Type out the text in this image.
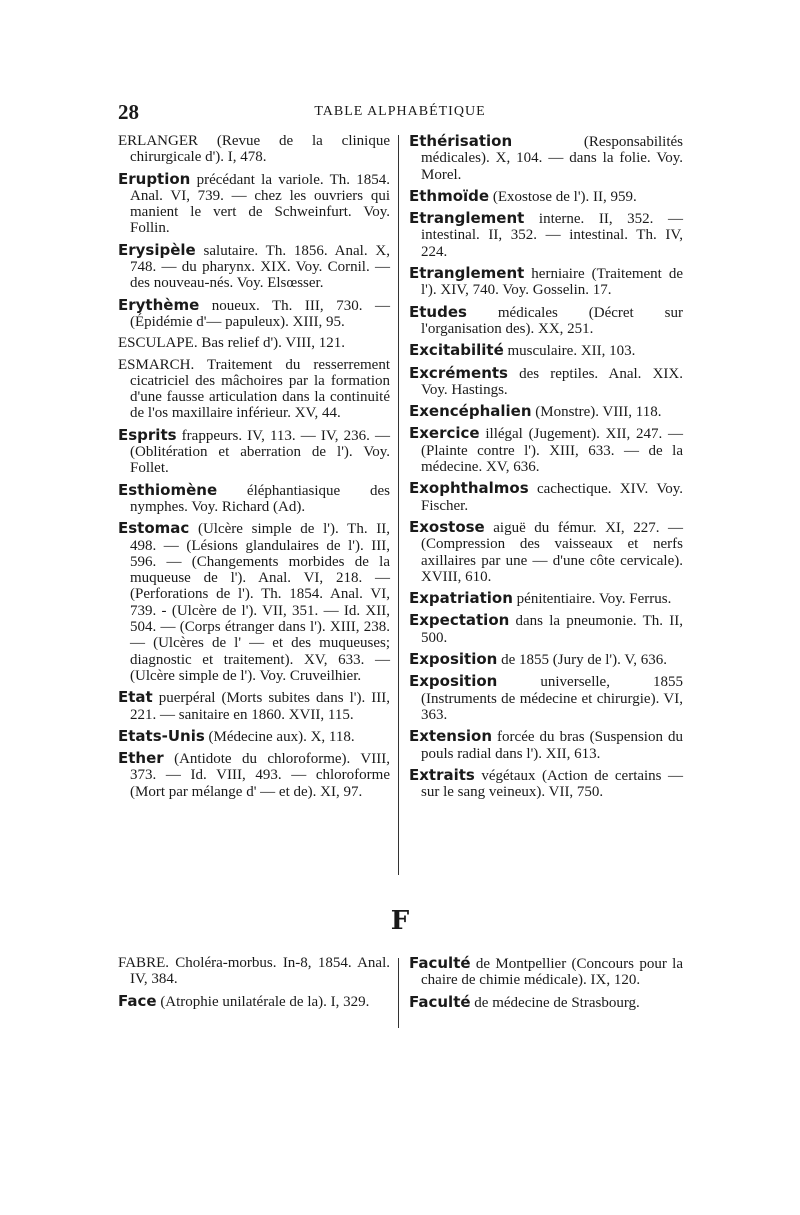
28	TABLE ALPHABÉTIQUE

ERLANGER (Revue de la clinique chirurgicale d'). I, 478.

Eruption précédant la variole. Th. 1854. Anal. VI, 739. — chez les ouvriers qui manient le vert de Schweinfurt. Voy. Follin.

Erysipèle salutaire. Th. 1856. Anal. X, 748. — du pharynx. XIX. Voy. Cornil. — des nouveau-nés. Voy. Elsœsser.

Erythème noueux. Th. III, 730. — (Épidémie d'— papuleux). XIII, 95.

ESCULAPE. Bas relief d'). VIII, 121.

ESMARCH. Traitement du resserrement cicatriciel des mâchoires par la formation d'une fausse articulation dans la continuité de l'os maxillaire inférieur. XV, 44.

Esprits frappeurs. IV, 113. — IV, 236. — (Oblitération et aberration de l'). Voy. Follet.

Esthiomène éléphantiasique des nymphes. Voy. Richard (Ad).

Estomac (Ulcère simple de l'). Th. II, 498. — (Lésions glandulaires de l'). III, 596. — (Changements morbides de la muqueuse de l'). Anal. VI, 218. — (Perforations de l'). Th. 1854. Anal. VI, 739. - (Ulcère de l'). VII, 351. — Id. XII, 504. — (Corps étranger dans l'). XIII, 238. — (Ulcères de l' — et des muqueuses; diagnostic et traitement). XV, 633. — (Ulcère simple de l'). Voy. Cruveilhier.

Etat puerpéral (Morts subites dans l'). III, 221. — sanitaire en 1860. XVII, 115.

Etats-Unis (Médecine aux). X, 118.

Ether (Antidote du chloroforme). VIII, 373. — Id. VIII, 493. — chloroforme (Mort par mélange d' — et de). XI, 97.

Ethérisation (Responsabilités médicales). X, 104. — dans la folie. Voy. Morel.

Ethmoïde (Exostose de l'). II, 959.

Etranglement interne. II, 352. — intestinal. II, 352. — intestinal. Th. IV, 224.

Etranglement herniaire (Traitement de l'). XIV, 740. Voy. Gosselin. 17.

Etudes médicales (Décret sur l'organisation des). XX, 251.

Excitabilité musculaire. XII, 103.

Excréments des reptiles. Anal. XIX. Voy. Hastings.

Exencéphalien (Monstre). VIII, 118.

Exercice illégal (Jugement). XII, 247. — (Plainte contre l'). XIII, 633. — de la médecine. XV, 636.

Exophthalmos cachectique. XIV. Voy. Fischer.

Exostose aiguë du fémur. XI, 227. — (Compression des vaisseaux et nerfs axillaires par une — d'une côte cervicale). XVIII, 610.

Expatriation pénitentiaire. Voy. Ferrus.

Expectation dans la pneumonie. Th. II, 500.

Exposition de 1855 (Jury de l'). V, 636.

Exposition universelle, 1855 (Instruments de médecine et chirurgie). VI, 363.

Extension forcée du bras (Suspension du pouls radial dans l'). XII, 613.

Extraits végétaux (Action de certains — sur le sang veineux). VII, 750.

F

FABRE. Choléra-morbus. In-8, 1854. Anal. IV, 384.

Face (Atrophie unilatérale de la). I, 329.

Faculté de Montpellier (Concours pour la chaire de chimie médicale). IX, 120.

Faculté de médecine de Strasbourg.
